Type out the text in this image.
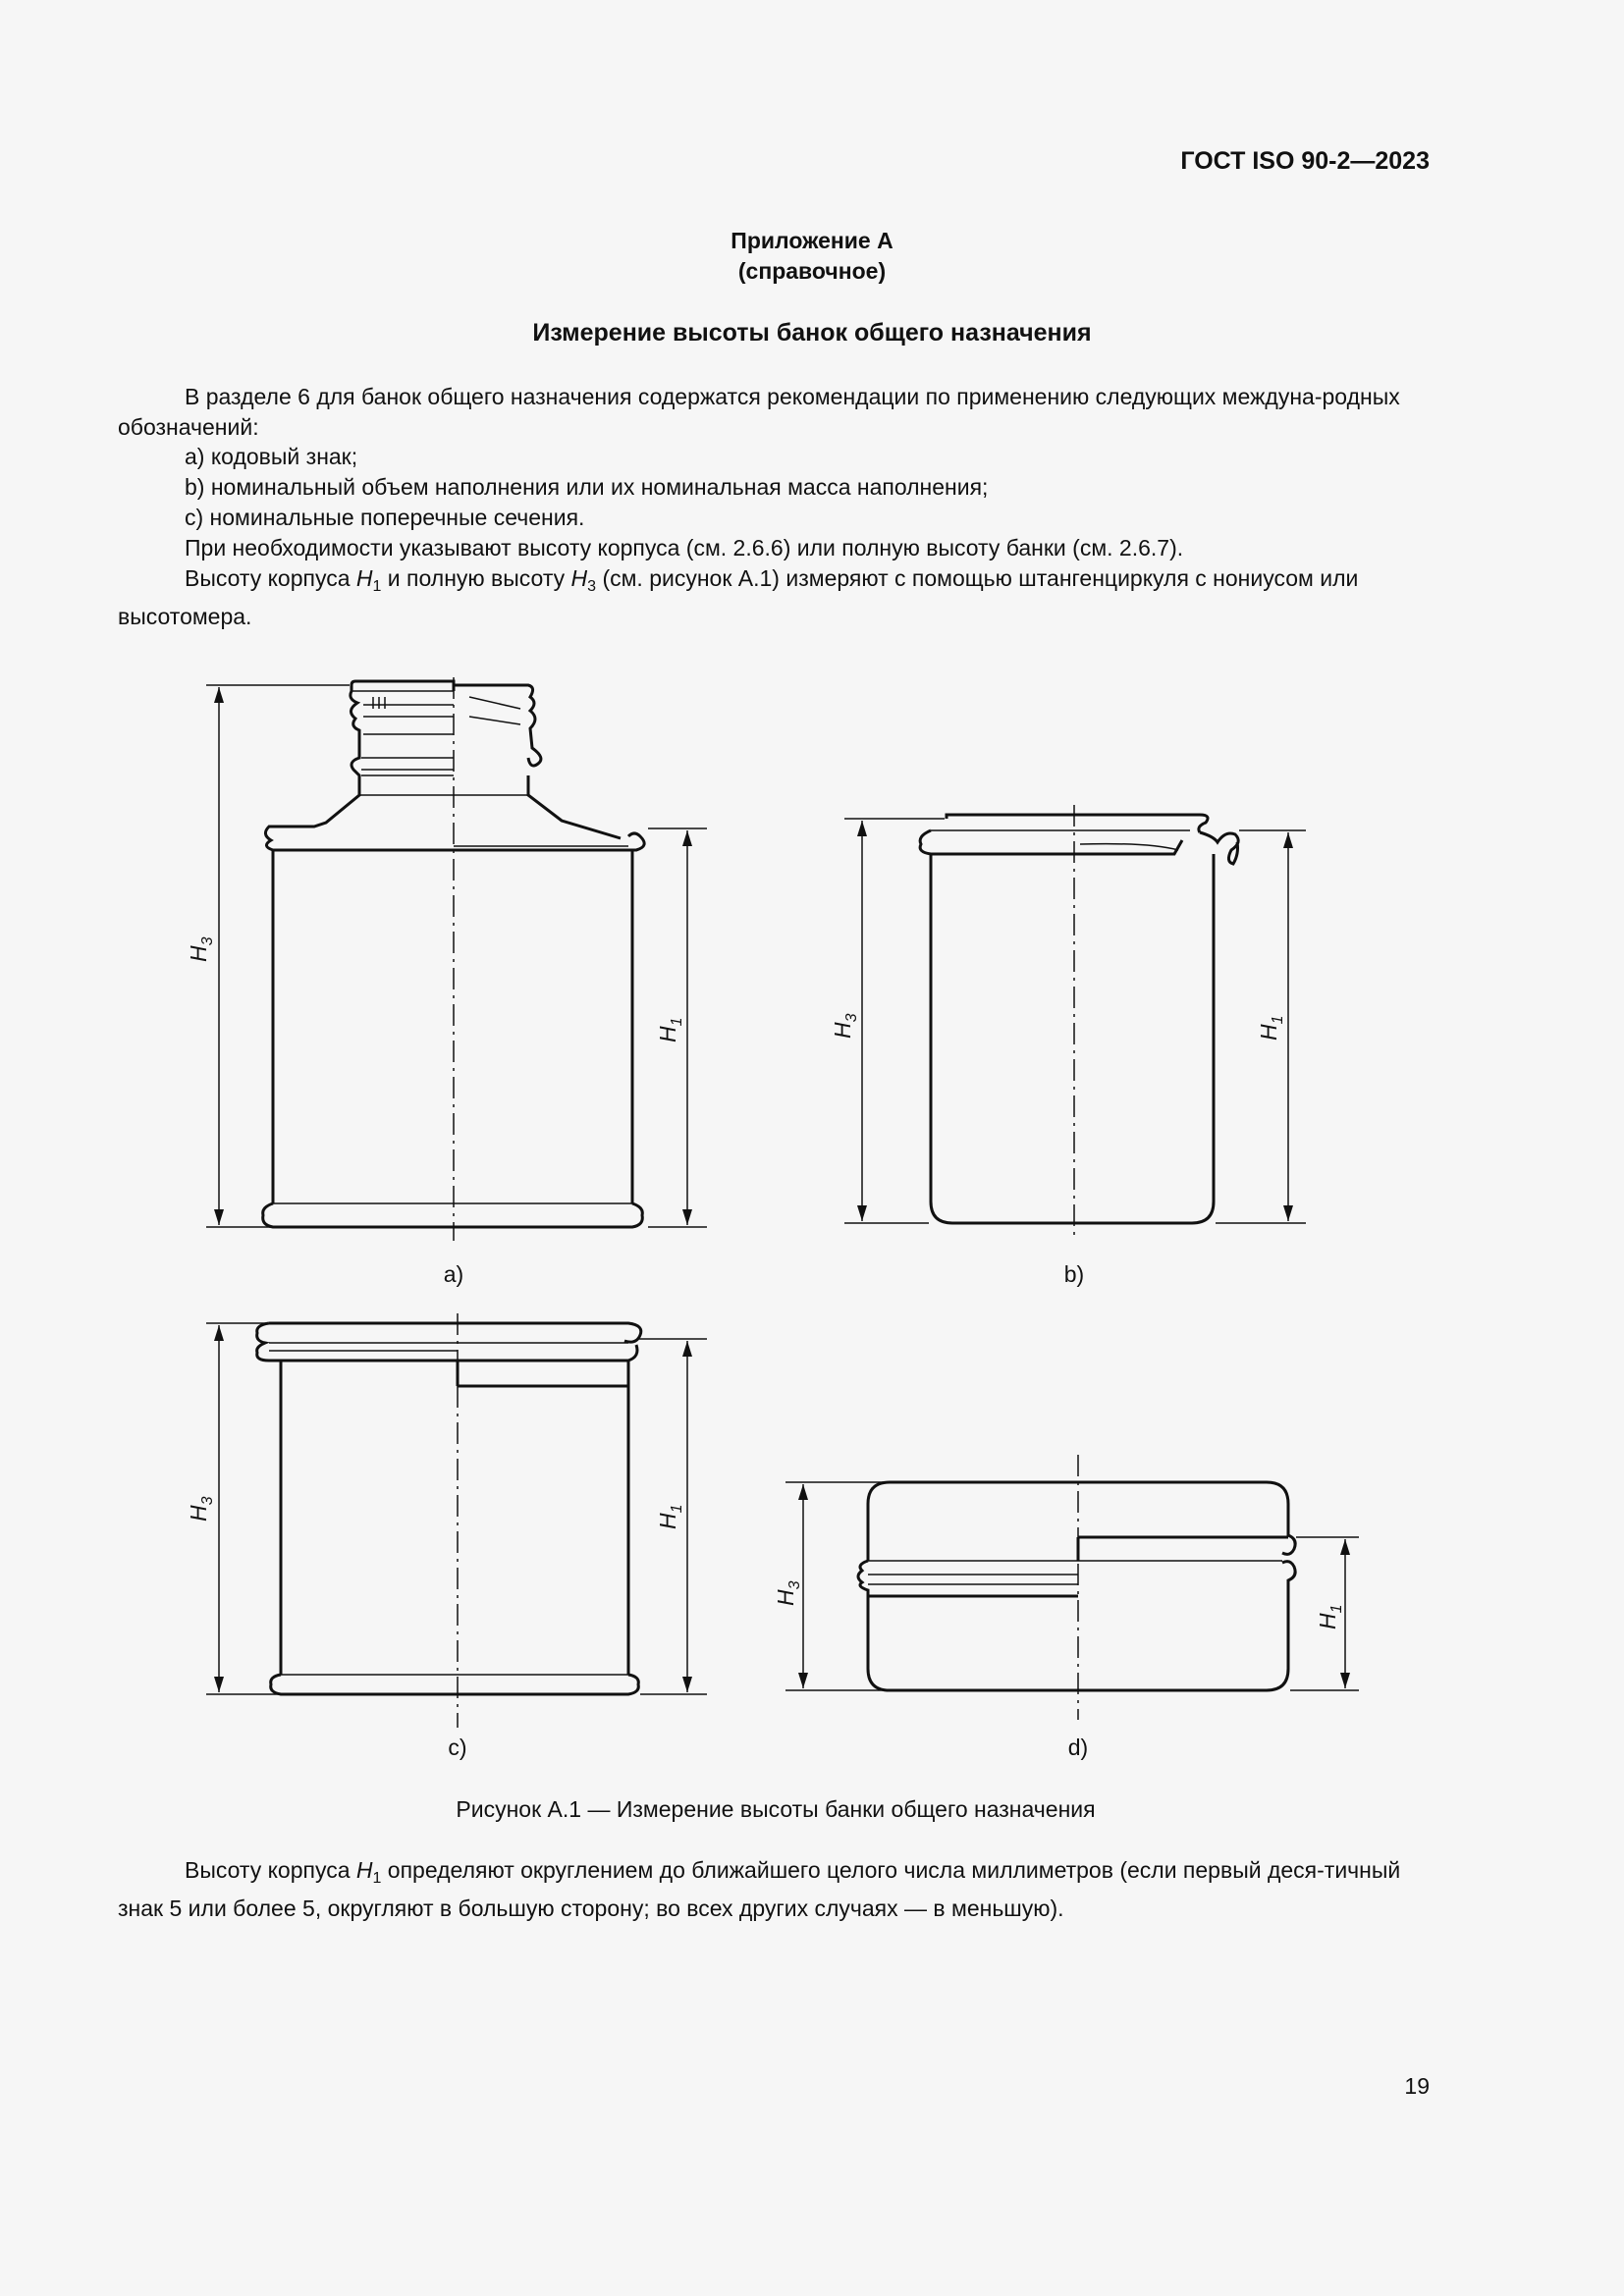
ГОСТ ISO 90-2—2023
Приложение А
(справочное)
Измерение высоты банок общего назначения
В разделе 6 для банок общего назначения содержатся рекомендации по применению следующих междуна-родных обозначений:
a) кодовый знак;
b) номинальный объем наполнения или их номинальная масса наполнения;
c) номинальные поперечные сечения.
При необходимости указывают высоту корпуса (см. 2.6.6) или полную высоту банки (см. 2.6.7).
Высоту корпуса $H_1$ и полную высоту $H_3$ (см. рисунок А.1) измеряют с помощью штангенциркуля с нониусом или высотомера.
$H_3$
$H_1$
a)
$H_3$
$H_1$
b)
$H_3$
$H_1$
c)
$H_3$
$H_1$
d)
Рисунок А.1 — Измерение высоты банки общего назначения
Высоту корпуса $H_1$ определяют округлением до ближайшего целого числа миллиметров (если первый деся-тичный знак 5 или более 5, округляют в большую сторону; во всех других случаях — в меньшую).
19
